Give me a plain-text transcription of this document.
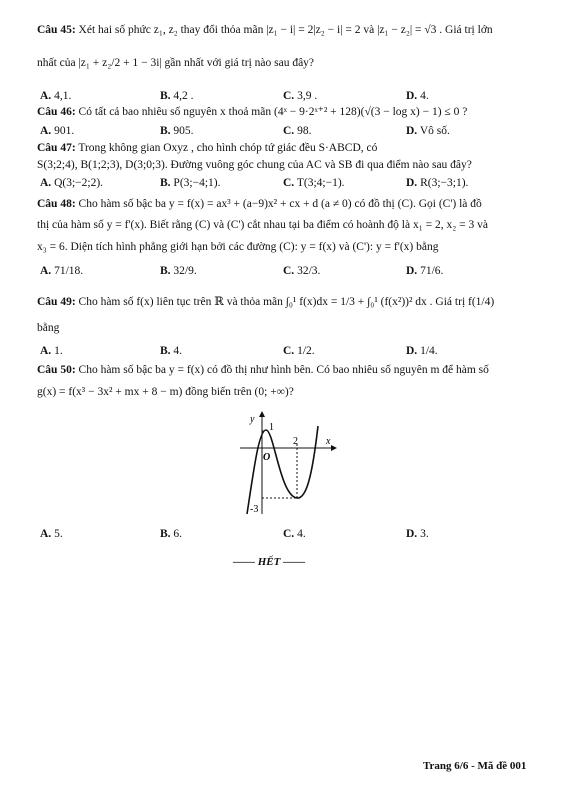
Câu 45: Xét hai số phức z₁, z₂ thay đổi thỏa mãn |z₁ − i| = 2|z₂ − i| = 2 và |z₁ − z₂| = √3 . Giá trị lớn
nhất của |z₁ + z₂/2 + 1 − 3i| gần nhất với giá trị nào sau đây?
A. 4,1.	B. 4,2 .	C. 3,9 .	D. 4.
Câu 46: Có tất cả bao nhiêu số nguyên x thoả mãn (4ˣ − 9·2ˣ⁺² + 128)(√(3 − log x) − 1) ≤ 0 ?
A. 901.	B. 905.	C. 98.	D. Vô số.
Câu 47: Trong không gian Oxyz , cho hình chóp tứ giác đều S·ABCD, có
S(3;2;4), B(1;2;3), D(3;0;3). Đường vuông góc chung của AC và SB đi qua điểm nào sau đây?
A. Q(3;−2;2).	B. P(3;−4;1).	C. T(3;4;−1).	D. R(3;−3;1).
Câu 48: Cho hàm số bậc ba y = f(x) = ax³ + (a−9)x² + cx + d (a ≠ 0) có đồ thị (C). Gọi (C') là đồ
thị của hàm số y = f'(x). Biết rằng (C) và (C') cắt nhau tại ba điểm có hoành độ là x₁ = 2, x₂ = 3 và
x₃ = 6. Diện tích hình phẳng giới hạn bởi các đường (C): y = f(x) và (C'): y = f'(x) bằng
A. 71/18.	B. 32/9.	C. 32/3.	D. 71/6.
Câu 49: Cho hàm số f(x) liên tục trên ℝ và thỏa mãn ∫₀¹ f(x)dx = 1/3 + ∫₀¹ (f(x²))² dx . Giá trị f(1/4)
bằng
A. 1.	B. 4.	C. 1/2.	D. 1/4.
Câu 50: Cho hàm số bậc ba y = f(x) có đồ thị như hình bên. Có bao nhiêu số nguyên m để hàm số
g(x) = f(x³ − 3x² + mx + 8 − m) đồng biến trên (0; +∞)?
y
x
O
1
2
-3
A. 5.	B. 6.	C. 4.	D. 3.
—— HẾT ——
Trang 6/6 - Mã đề 001
